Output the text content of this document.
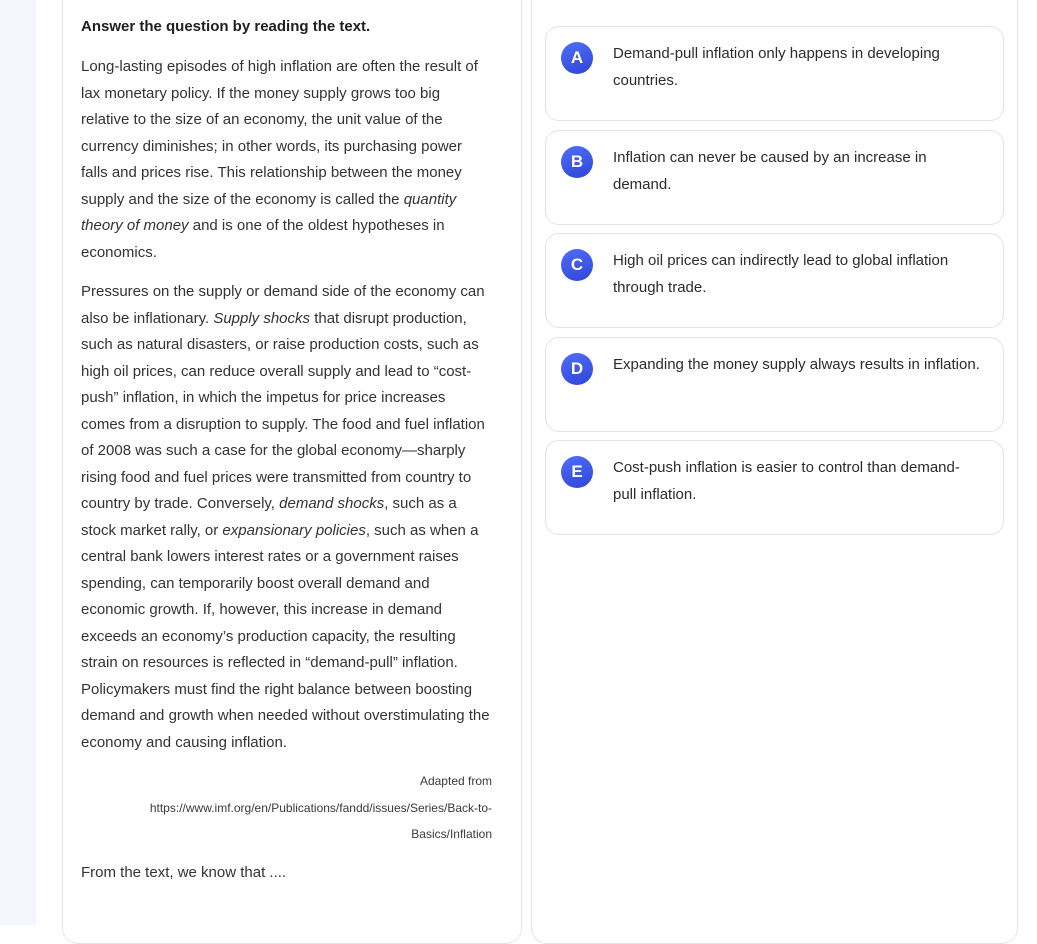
Answer the question by reading the text.

Long-lasting episodes of high inflation are often the result of lax monetary policy. If the money supply grows too big relative to the size of an economy, the unit value of the currency diminishes; in other words, its purchasing power falls and prices rise. This relationship between the money supply and the size of the economy is called the quantity theory of money and is one of the oldest hypotheses in economics.

Pressures on the supply or demand side of the economy can also be inflationary. Supply shocks that disrupt production, such as natural disasters, or raise production costs, such as high oil prices, can reduce overall supply and lead to “cost-push” inflation, in which the impetus for price increases comes from a disruption to supply. The food and fuel inflation of 2008 was such a case for the global economy—sharply rising food and fuel prices were transmitted from country to country by trade. Conversely, demand shocks, such as a stock market rally, or expansionary policies, such as when a central bank lowers interest rates or a government raises spending, can temporarily boost overall demand and economic growth. If, however, this increase in demand exceeds an economy’s production capacity, the resulting strain on resources is reflected in “demand-pull” inflation. Policymakers must find the right balance between boosting demand and growth when needed without overstimulating the economy and causing inflation.

Adapted from

https://www.imf.org/en/Publications/fandd/issues/Series/Back-to-

Basics/Inflation

From the text, we know that ....

A	Demand-pull inflation only happens in developing countries.
B	Inflation can never be caused by an increase in demand.
C	High oil prices can indirectly lead to global inflation through trade.
D	Expanding the money supply always results in inflation.
E	Cost-push inflation is easier to control than demand-pull inflation.
